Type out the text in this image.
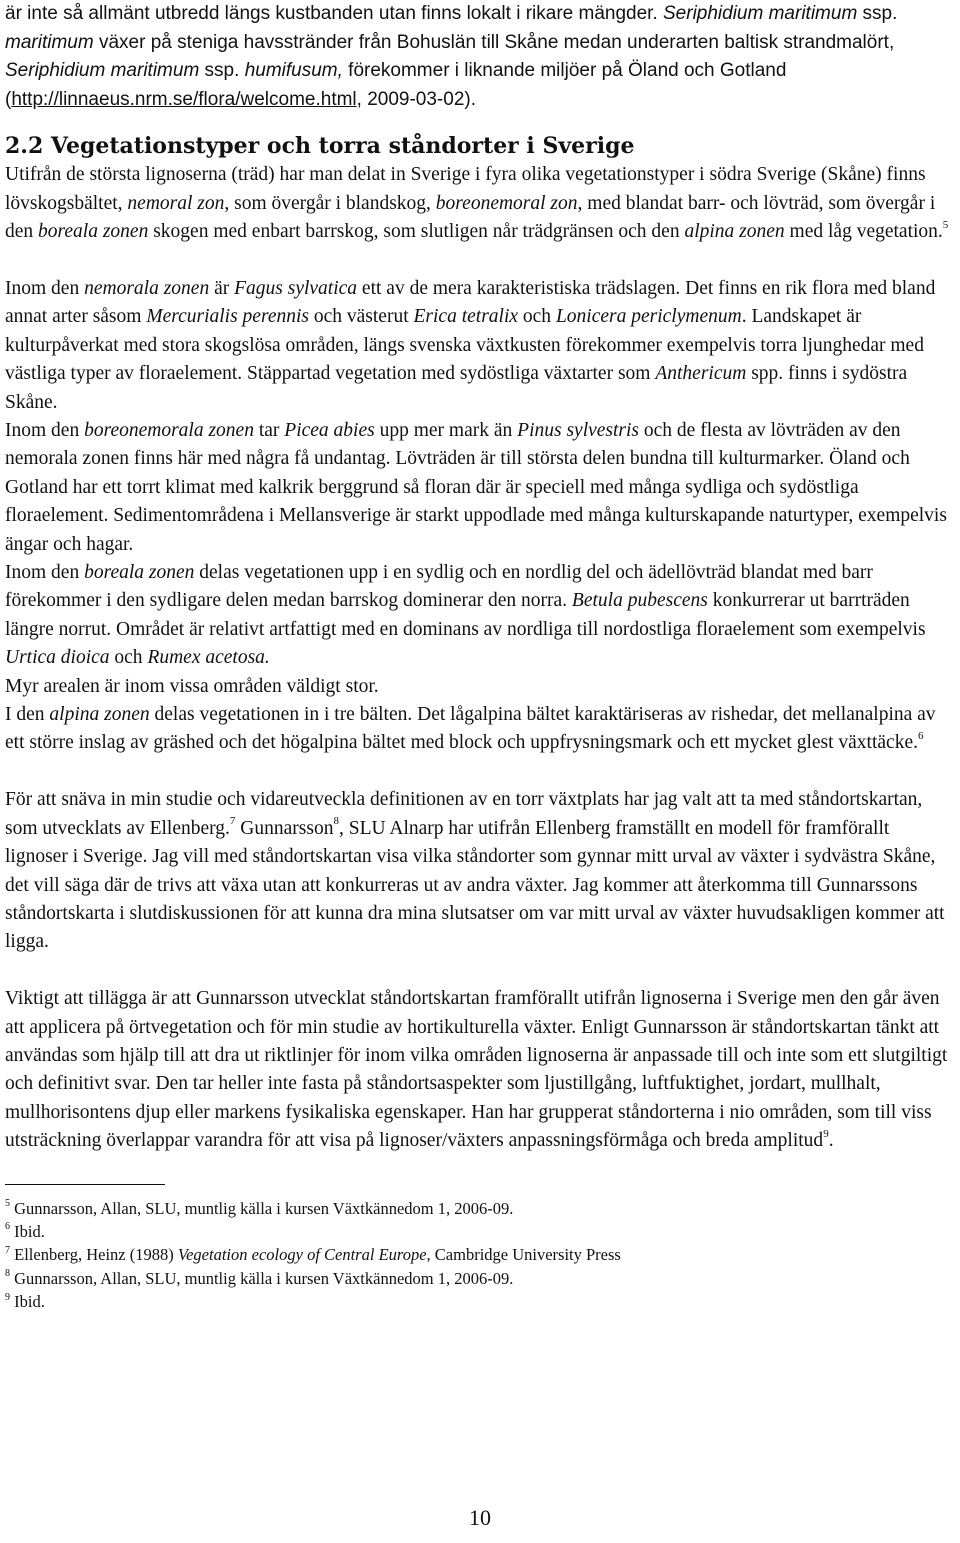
är inte så allmänt utbredd längs kustbanden utan finns lokalt i rikare mängder. Seriphidium maritimum ssp. maritimum växer på steniga havsstränder från Bohuslän till Skåne medan underarten baltisk strandmalört, Seriphidium maritimum ssp. humifusum, förekommer i liknande miljöer på Öland och Gotland (http://linnaeus.nrm.se/flora/welcome.html, 2009-03-02).

2.2 Vegetationstyper och torra ståndorter i Sverige

Utifrån de största lignoserna (träd) har man delat in Sverige i fyra olika vegetationstyper i södra Sverige (Skåne) finns lövskogsbältet, nemoral zon, som övergår i blandskog, boreonemoral zon, med blandat barr- och lövträd, som övergår i den boreala zonen skogen med enbart barrskog, som slutligen når trädgränsen och den alpina zonen med låg vegetation.$^5$

Inom den nemorala zonen är Fagus sylvatica ett av de mera karakteristiska trädslagen. Det finns en rik flora med bland annat arter såsom Mercurialis perennis och västerut Erica tetralix och Lonicera periclymenum. Landskapet är kulturpåverkat med stora skogslösa områden, längs svenska växtkusten förekommer exempelvis torra ljunghedar med västliga typer av floraelement. Stäppartad vegetation med sydöstliga växtarter som Anthericum spp. finns i sydöstra Skåne.

Inom den boreonemorala zonen tar Picea abies upp mer mark än Pinus sylvestris och de flesta av lövträden av den nemorala zonen finns här med några få undantag. Lövträden är till största delen bundna till kulturmarker. Öland och Gotland har ett torrt klimat med kalkrik berggrund så floran där är speciell med många sydliga och sydöstliga floraelement. Sedimentområdena i Mellansverige är starkt uppodlade med många kulturskapande naturtyper, exempelvis ängar och hagar.

Inom den boreala zonen delas vegetationen upp i en sydlig och en nordlig del och ädellövträd blandat med barr förekommer i den sydligare delen medan barrskog dominerar den norra. Betula pubescens konkurrerar ut barrträden längre norrut. Området är relativt artfattigt med en dominans av nordliga till nordostliga floraelement som exempelvis Urtica dioica och Rumex acetosa.

Myr arealen är inom vissa områden väldigt stor.

I den alpina zonen delas vegetationen in i tre bälten. Det lågalpina bältet karaktäriseras av rishedar, det mellanalpina av ett större inslag av gräshed och det högalpina bältet med block och uppfrysningsmark och ett mycket glest växttäcke.$^6$

För att snäva in min studie och vidareutveckla definitionen av en torr växtplats har jag valt att ta med ståndortskartan, som utvecklats av Ellenberg.$^7$ Gunnarsson$^8$, SLU Alnarp har utifrån Ellenberg framställt en modell för framförallt lignoser i Sverige. Jag vill med ståndortskartan visa vilka ståndorter som gynnar mitt urval av växter i sydvästra Skåne, det vill säga där de trivs att växa utan att konkurreras ut av andra växter. Jag kommer att återkomma till Gunnarssons ståndortskarta i slutdiskussionen för att kunna dra mina slutsatser om var mitt urval av växter huvudsakligen kommer att ligga.

Viktigt att tillägga är att Gunnarsson utvecklat ståndortskartan framförallt utifrån lignoserna i Sverige men den går även att applicera på örtvegetation och för min studie av hortikulturella växter. Enligt Gunnarsson är ståndortskartan tänkt att användas som hjälp till att dra ut riktlinjer för inom vilka områden lignoserna är anpassade till och inte som ett slutgiltigt och definitivt svar. Den tar heller inte fasta på ståndortsaspekter som ljustillgång, luftfuktighet, jordart, mullhalt, mullhorisontens djup eller markens fysikaliska egenskaper. Han har grupperat ståndorterna i nio områden, som till viss utsträckning överlappar varandra för att visa på lignoser/växters anpassningsförmåga och breda amplitud$^9$.

$^5$ Gunnarsson, Allan, SLU, muntlig källa i kursen Växtkännedom 1, 2006-09.

$^6$ Ibid.

$^7$ Ellenberg, Heinz (1988) Vegetation ecology of Central Europe, Cambridge University Press

$^8$ Gunnarsson, Allan, SLU, muntlig källa i kursen Växtkännedom 1, 2006-09.

$^9$ Ibid.

10
